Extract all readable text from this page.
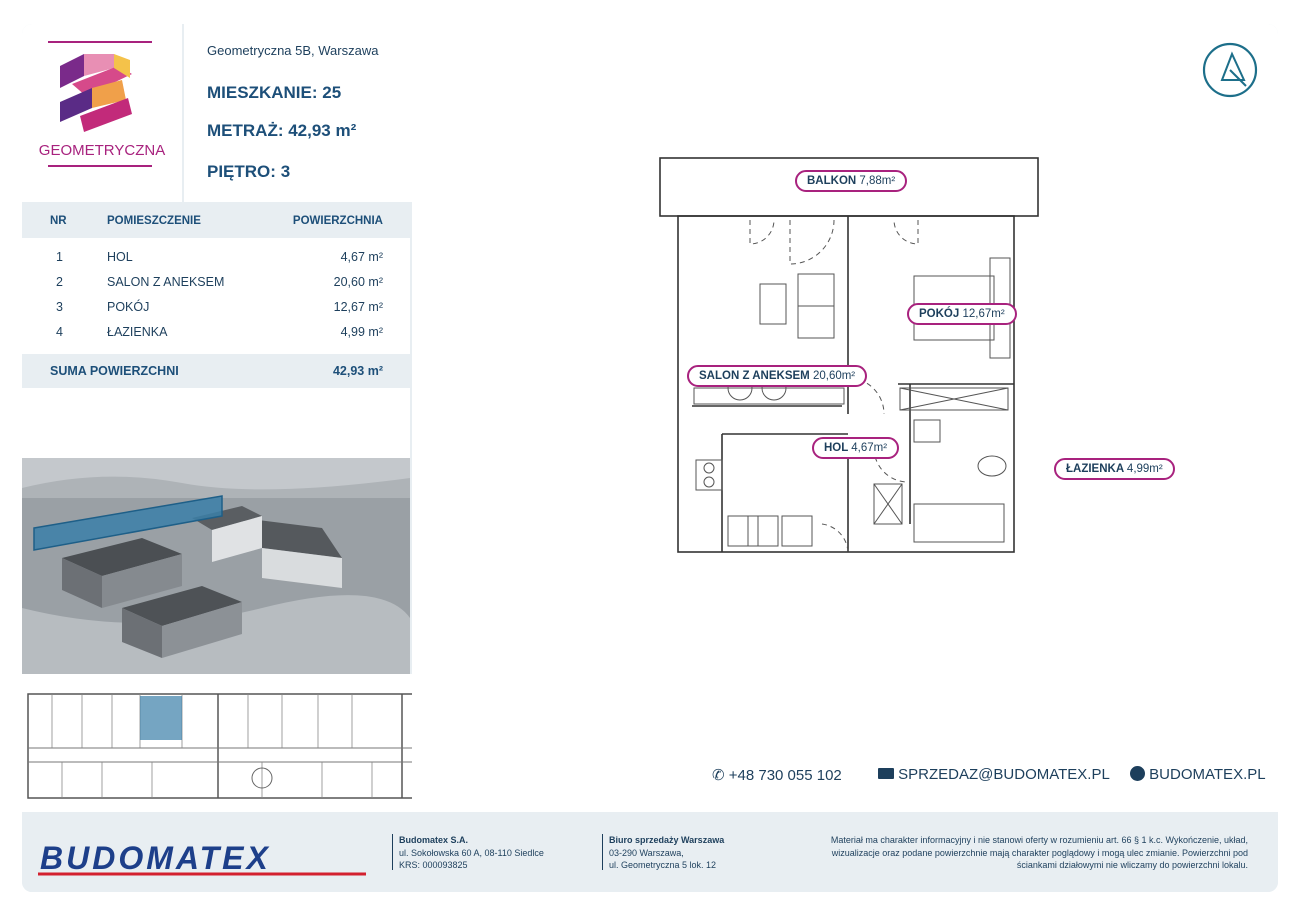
GEOMETRYCZNA
Geometryczna 5B, Warszawa
MIESZKANIE: 25
METRAŻ: 42,93 m²
PIĘTRO: 3
NR	POMIESZCZENIE	POWIERZCHNIA
1	HOL	4,67 m²
2	SALON Z ANEKSEM	20,60 m²
3	POKÓJ	12,67 m²
4	ŁAZIENKA	4,99 m²
SUMA POWIERZCHNI	42,93 m²
BALKON 7,88m²
POKÓJ 12,67m²
SALON Z ANEKSEM 20,60m²
HOL 4,67m²
ŁAZIENKA 4,99m²
✆ +48 730 055 102	SPRZEDAZ@BUDOMATEX.PL	BUDOMATEX.PL
BUDOMATEX	Budomatex S.A.
ul. Sokołowska 60 A, 08-110 Siedlce
KRS: 000093825
Biuro sprzedaży Warszawa
03-290 Warszawa,
ul. Geometryczna 5 lok. 12
Materiał ma charakter informacyjny i nie stanowi oferty w rozumieniu art. 66 § 1 k.c. Wykończenie, układ,
wizualizacje oraz podane powierzchnie mają charakter poglądowy i mogą ulec zmianie. Powierzchni pod
ściankami działowymi nie wliczamy do powierzchni lokalu.
